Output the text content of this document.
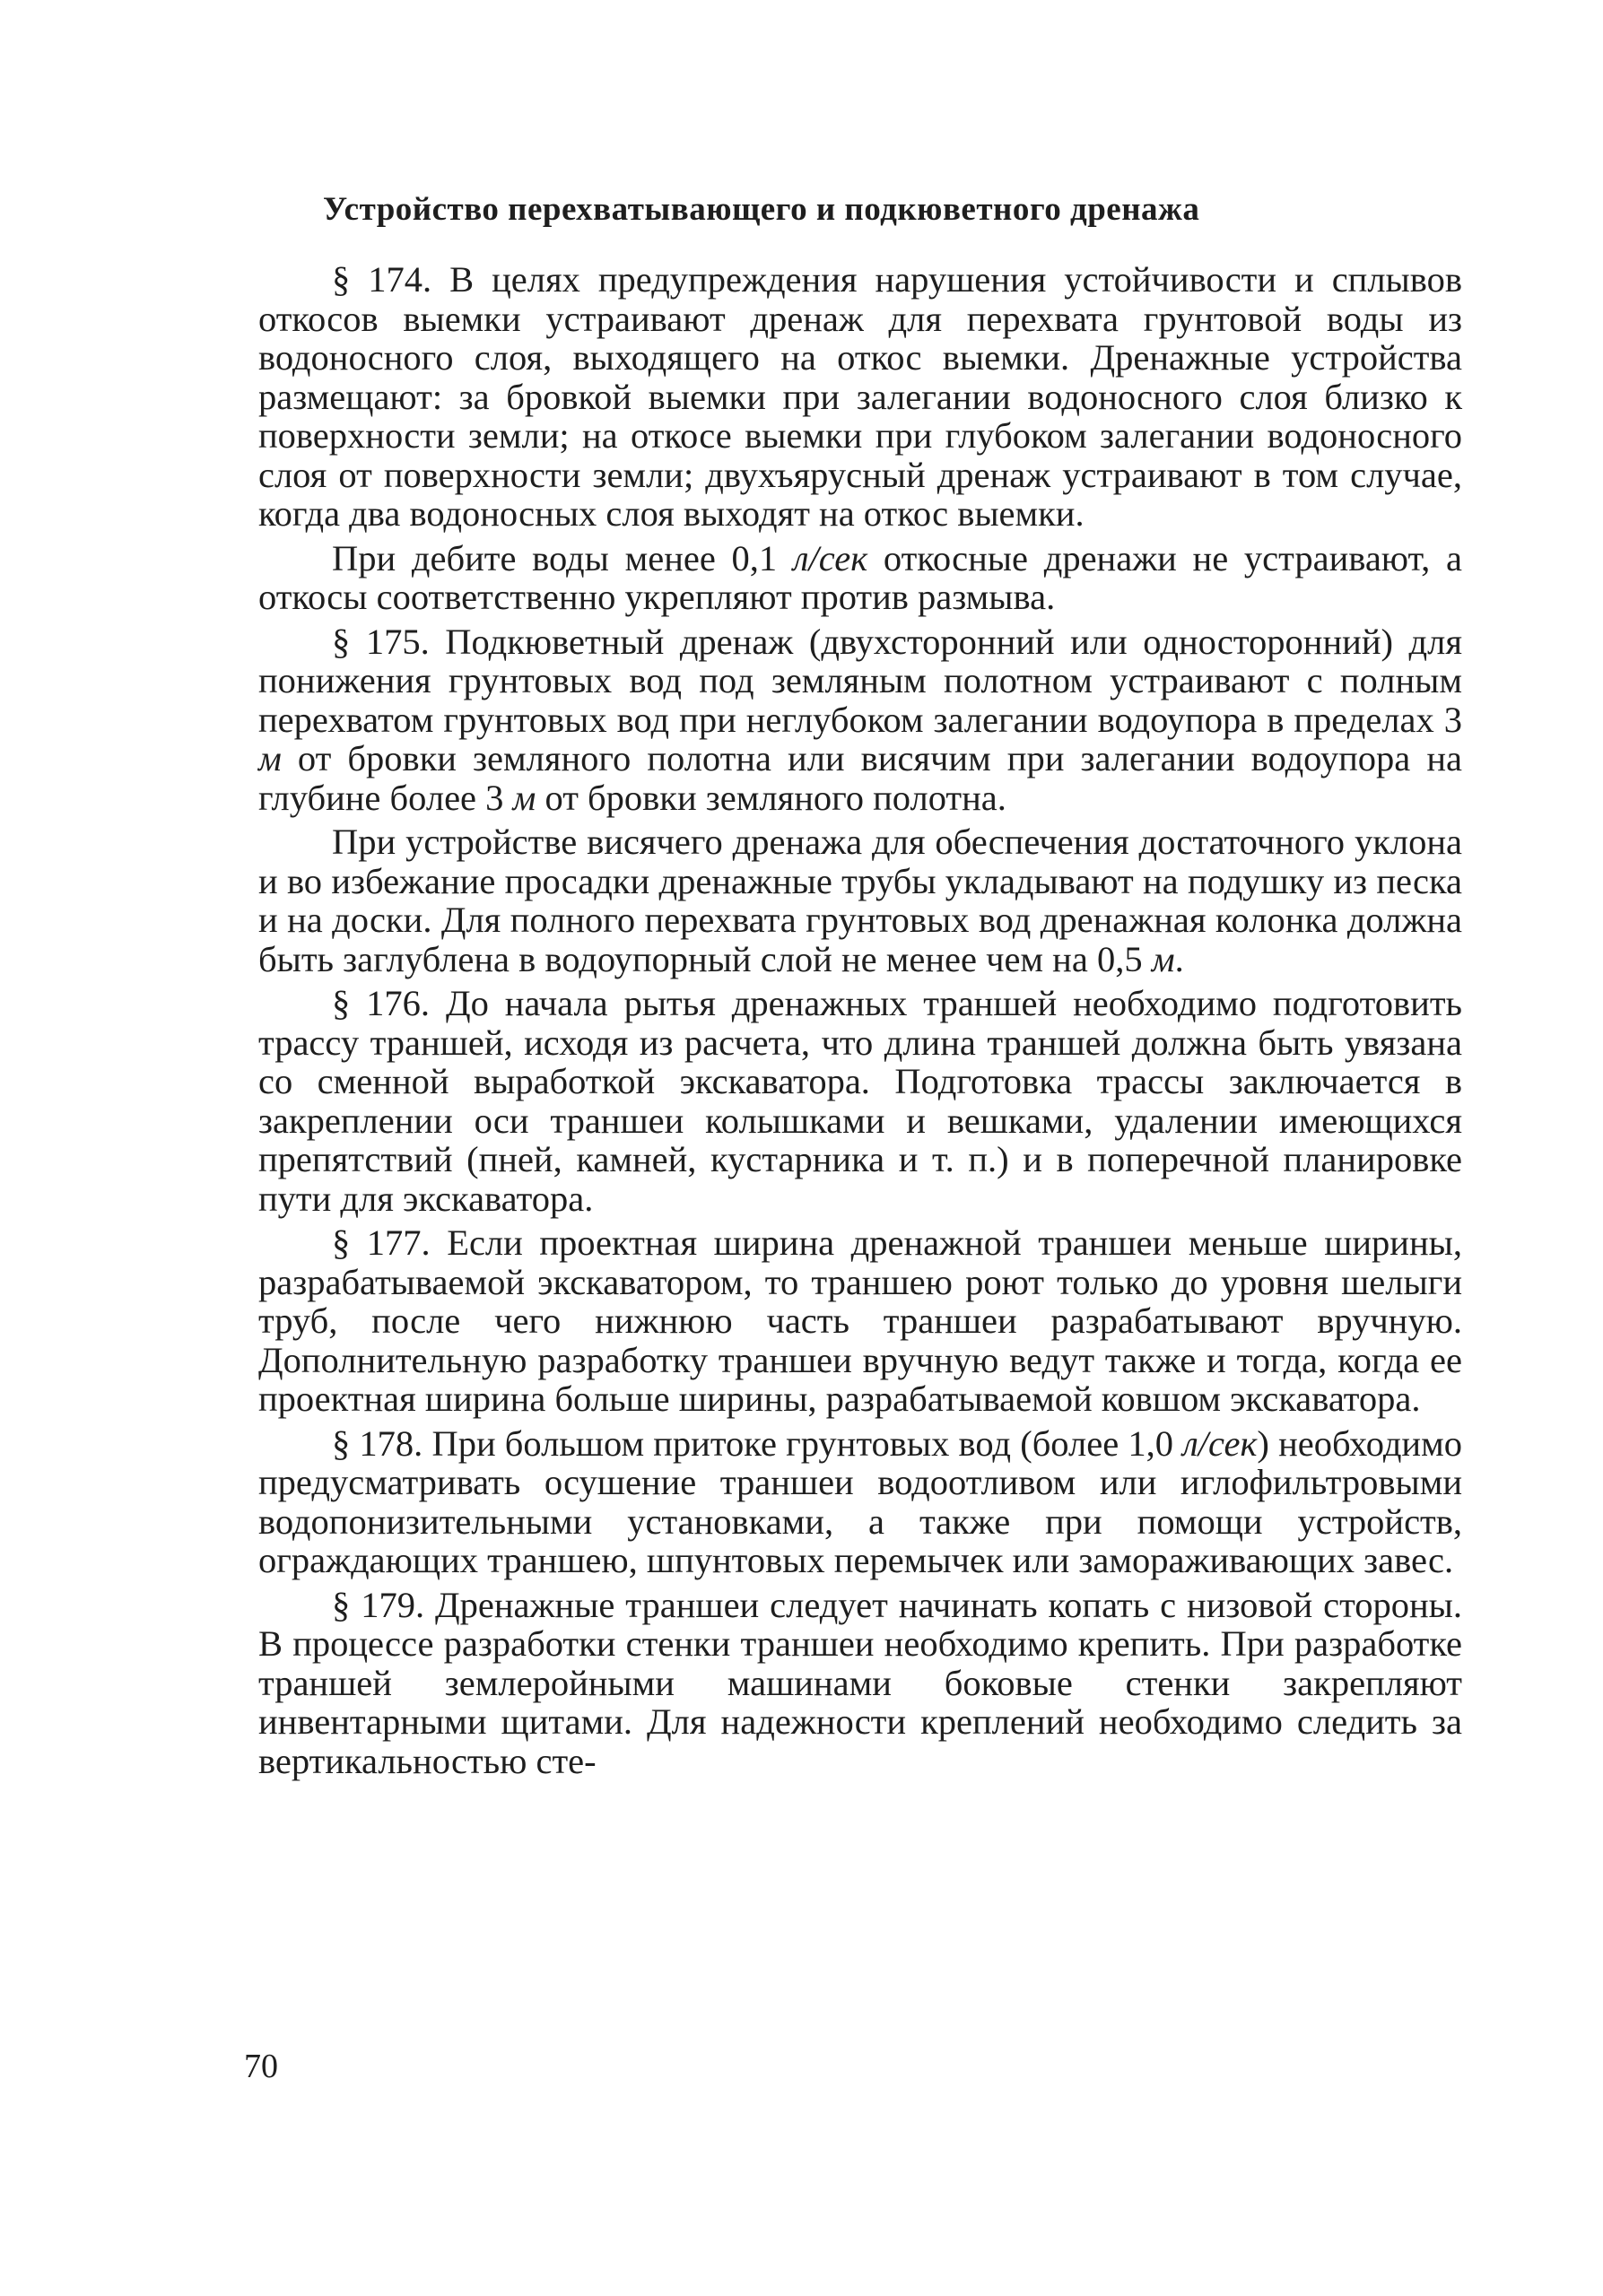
Устройство перехватывающего и подкюветного дренажа

§ 174. В целях предупреждения нарушения устойчивости и сплывов откосов выемки устраивают дренаж для перехвата грунтовой воды из водоносного слоя, выходящего на откос выемки. Дренажные устройства размещают: за бровкой выемки при залегании водоносного слоя близко к поверхности земли; на откосе выемки при глубоком залегании водоносного слоя от поверхности земли; двухъярусный дренаж устраивают в том случае, когда два водоносных слоя выходят на откос выемки.

При дебите воды менее 0,1 л/сек откосные дренажи не устраивают, а откосы соответственно укрепляют против размыва.

§ 175. Подкюветный дренаж (двухсторонний или односторонний) для понижения грунтовых вод под земляным полотном устраивают с полным перехватом грунтовых вод при неглубоком залегании водоупора в пределах 3 м от бровки земляного полотна или висячим при залегании водоупора на глубине более 3 м от бровки земляного полотна.

При устройстве висячего дренажа для обеспечения достаточного уклона и во избежание просадки дренажные трубы укладывают на подушку из песка и на доски. Для полного перехвата грунтовых вод дренажная колонка должна быть заглублена в водоупорный слой не менее чем на 0,5 м.

§ 176. До начала рытья дренажных траншей необходимо подготовить трассу траншей, исходя из расчета, что длина траншей должна быть увязана со сменной выработкой экскаватора. Подготовка трассы заключается в закреплении оси траншеи колышками и вешками, удалении имеющихся препятствий (пней, камней, кустарника и т. п.) и в поперечной планировке пути для экскаватора.

§ 177. Если проектная ширина дренажной траншеи меньше ширины, разрабатываемой экскаватором, то траншею роют только до уровня шелыги труб, после чего нижнюю часть траншеи разрабатывают вручную. Дополнительную разработку траншеи вручную ведут также и тогда, когда ее проектная ширина больше ширины, разрабатываемой ковшом экскаватора.

§ 178. При большом притоке грунтовых вод (более 1,0 л/сек) необходимо предусматривать осушение траншеи водоотливом или иглофильтровыми водопонизительными установками, а также при помощи устройств, ограждающих траншею, шпунтовых перемычек или замораживающих завес.

§ 179. Дренажные траншеи следует начинать копать с низовой стороны. В процессе разработки стенки траншеи необходимо крепить. При разработке траншей землеройными машинами боковые стенки закрепляют инвентарными щитами. Для надежности креплений необходимо следить за вертикальностью сте-

70
